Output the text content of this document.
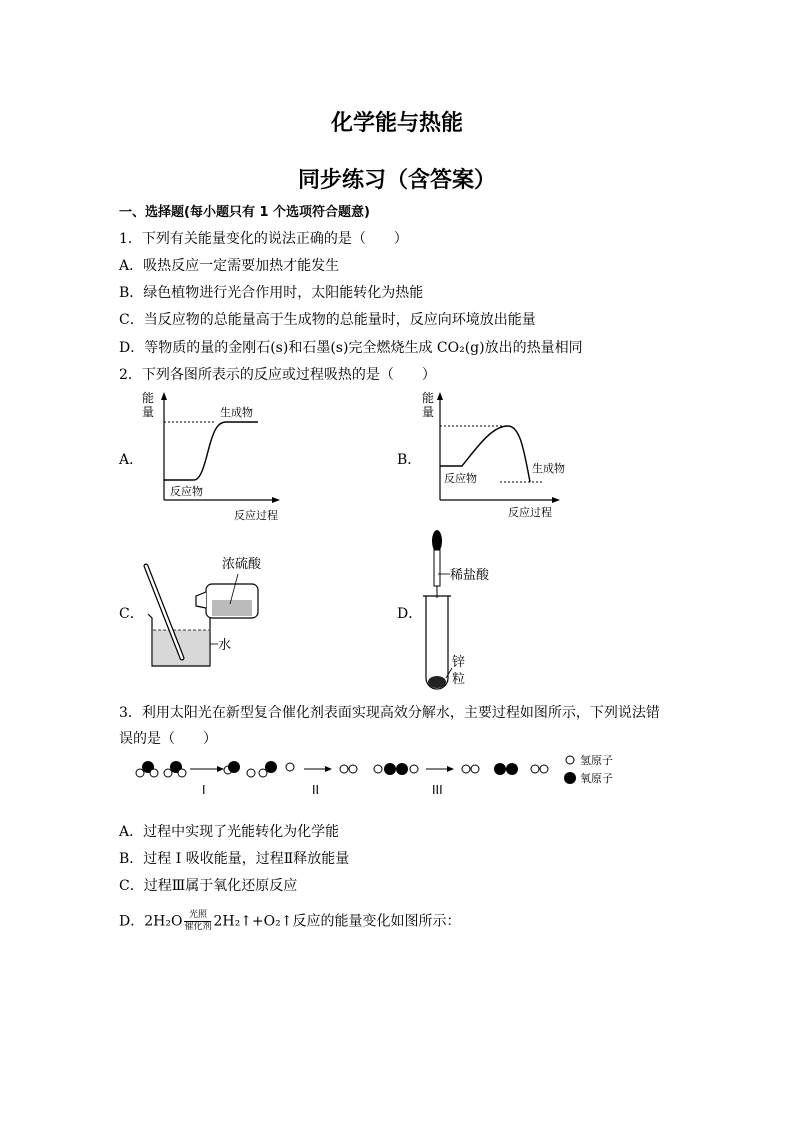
化学能与热能
同步练习（含答案）
一、选择题(每小题只有 1 个选项符合题意)
1．下列有关能量变化的说法正确的是（　　）
A．吸热反应一定需要加热才能发生
B．绿色植物进行光合作用时，太阳能转化为热能
C．当反应物的总能量高于生成物的总能量时，反应向环境放出能量
D．等物质的量的金刚石(s)和石墨(s)完全燃烧生成 CO₂(g)放出的热量相同
2．下列各图所表示的反应或过程吸热的是（　　）
A．
能
量	生成物
反应物
反应过程
B．
能
量
生成物
反应物
反应过程
C．
浓硫酸
水
D．
稀盐酸
锌
粒
3．利用太阳光在新型复合催化剂表面实现高效分解水，主要过程如图所示，下列说法错
误的是（　　）
I	II	III
氢原子
氧原子
A．过程中实现了光能转化为化学能
B．过程 I 吸收能量，过程Ⅱ释放能量
C．过程Ⅲ属于氧化还原反应
D．$2H_2O \frac{\text{光照}}{\text{催化剂}}$ 2H₂↑+O₂↑反应的能量变化如图所示：
